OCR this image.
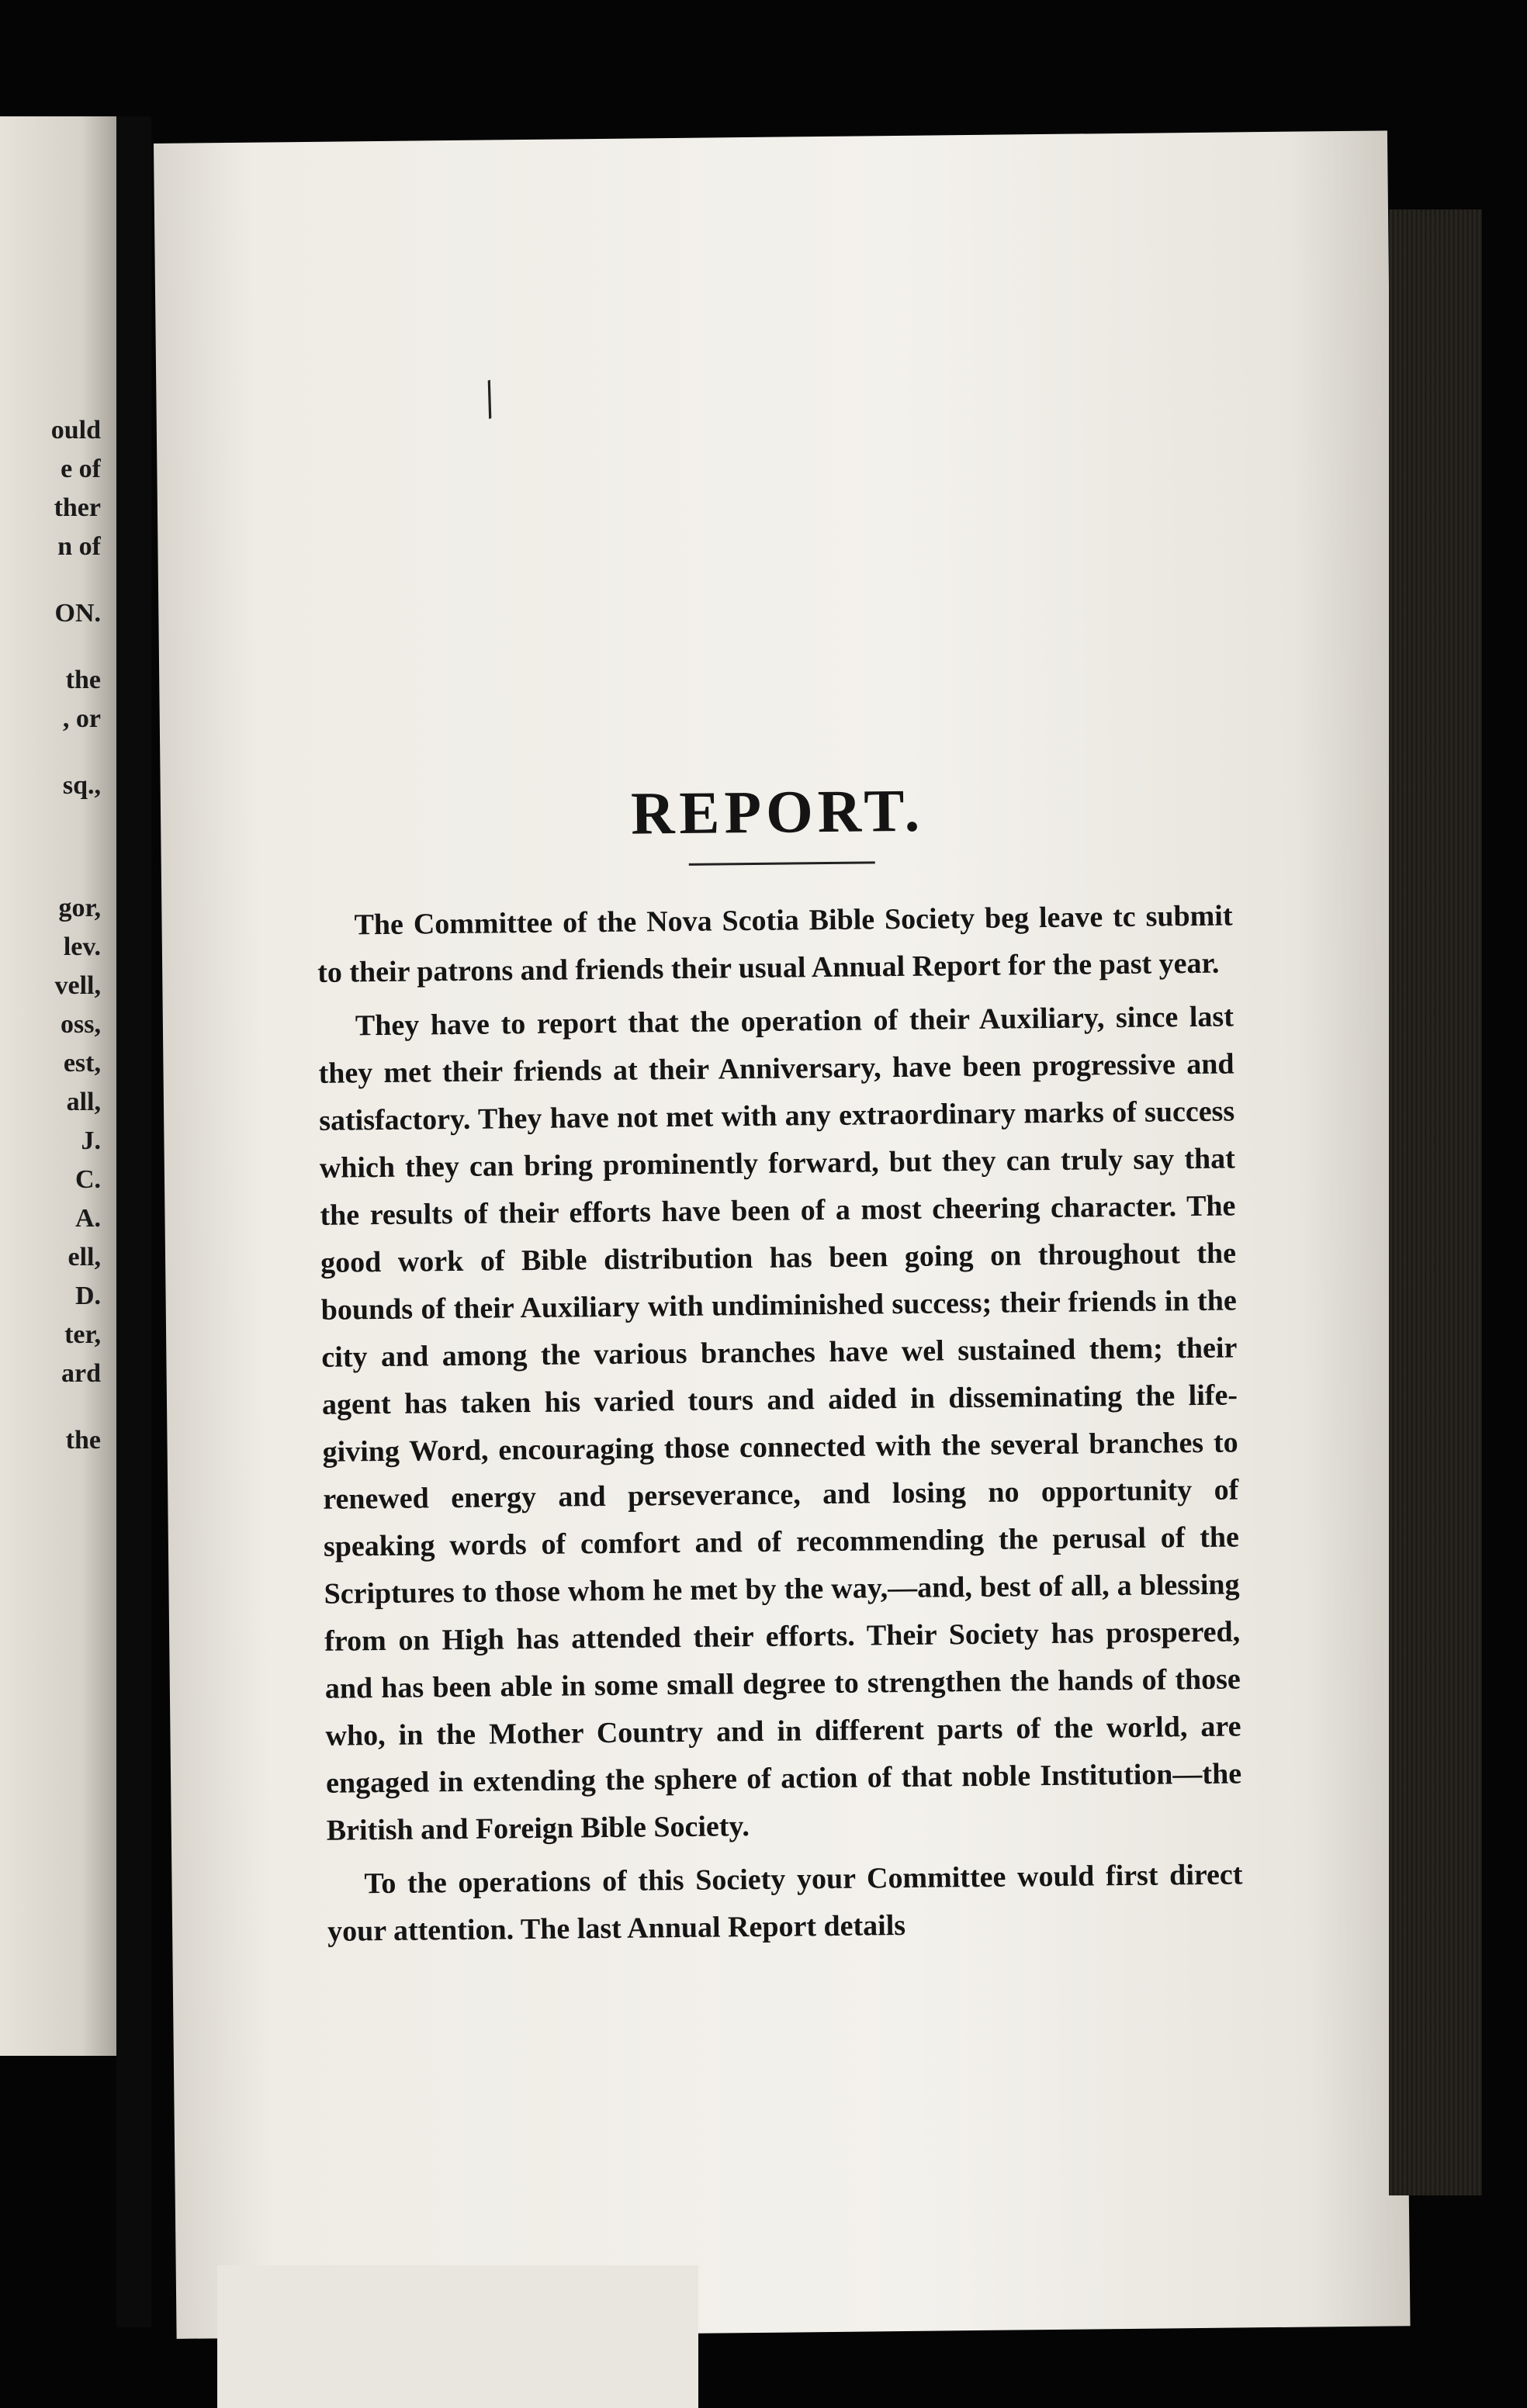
ould
e of
ther
n of
ON.
the
, or
sq.,
gor,
lev.
vell,
oss,
est,
all,
J.
C.
A.
ell,
D.
ter,
ard
the
/
REPORT.

The Committee of the Nova Scotia Bible Society beg leave tc submit to their patrons and friends their usual Annual Report for the past year.

They have to report that the operation of their Auxiliary, since last they met their friends at their Anniversary, have been progressive and satisfactory. They have not met with any extraordinary marks of success which they can bring prominently forward, but they can truly say that the results of their efforts have been of a most cheering character. The good work of Bible distribution has been going on throughout the bounds of their Auxiliary with undiminished success; their friends in the city and among the various branches have wel sustained them; their agent has taken his varied tours and aided in disseminating the life-giving Word, encouraging those connected with the several branches to renewed energy and perseverance, and losing no opportunity of speaking words of comfort and of recommending the perusal of the Scriptures to those whom he met by the way,—and, best of all, a blessing from on High has attended their efforts. Their Society has prospered, and has been able in some small degree to strengthen the hands of those who, in the Mother Country and in different parts of the world, are engaged in extending the sphere of action of that noble Institution—the British and Foreign Bible Society.

To the operations of this Society your Committee would first direct your attention. The last Annual Report details
